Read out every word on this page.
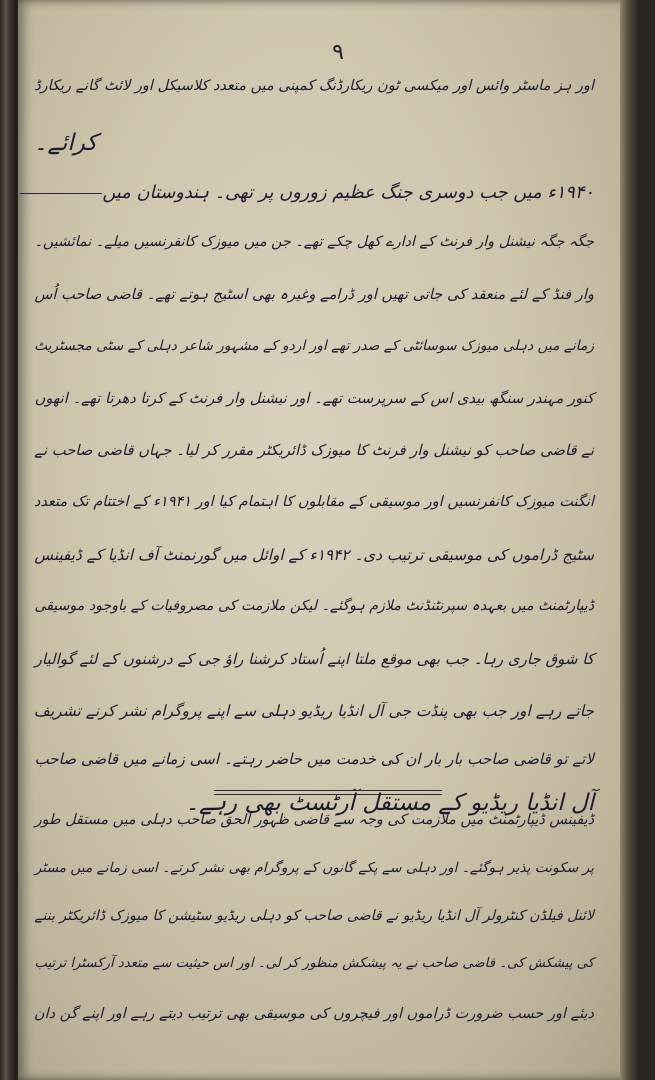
۹
اور ہز ماسٹر وائس اور میکسی ٹون ریکارڈنگ کمپنی میں متعدد کلاسیکل اور لائٹ گانے ریکارڈ
کرائے۔
۱۹۴۰ء میں جب دوسری جنگ عظیم زوروں پر تھی۔ ہندوستان میں
جگہ جگہ نیشنل وار فرنٹ کے ادارے کھل چکے تھے۔ جن میں میوزک کانفرنسیں میلے۔ نمائشیں۔
وار فنڈ کے لئے منعقد کی جاتی تھیں اور ڈرامے وغیرہ بھی اسٹیج ہوتے تھے۔ قاضی صاحب اُس
زمانے میں دہلی میوزک سوسائٹی کے صدر تھے اور اردو کے مشہور شاعر دہلی کے سٹی مجسٹریٹ
کنور مہندر سنگھ بیدی اس کے سرپرست تھے۔ اور نیشنل وار فرنٹ کے کرتا دھرتا تھے۔ انھوں
نے قاضی صاحب کو نیشنل وار فرنٹ کا میوزک ڈائریکٹر مقرر کر لیا۔ جہاں قاضی صاحب نے
انگنت میوزک کانفرنسیں اور موسیقی کے مقابلوں کا اہتمام کیا اور ۱۹۴۱ء کے اختتام تک متعدد
سٹیج ڈراموں کی موسیقی ترتیب دی۔ ۱۹۴۲ء کے اوائل میں گورنمنٹ آف انڈیا کے ڈیفینس
ڈیپارٹمنٹ میں بعہدہ سپرنٹنڈنٹ ملازم ہوگئے۔ لیکن ملازمت کی مصروفیات کے باوجود موسیقی
کا شوق جاری رہا۔ جب بھی موقع ملتا اپنے اُستاد کرشنا راؤ جی کے درشنوں کے لئے گوالیار
جاتے رہے اور جب بھی پنڈت جی آل انڈیا ریڈیو دہلی سے اپنے پروگرام نشر کرنے تشریف
لاتے تو قاضی صاحب بار بار ان کی خدمت میں حاضر رہتے۔ اسی زمانے میں قاضی صاحب
آل انڈیا ریڈیو کے مستقل آرٹسٹ بھی رہے۔
ڈیفینس ڈیپارٹمنٹ میں ملازمت کی وجہ سے قاضی ظہور الحق صاحب دہلی میں مستقل طور
پر سکونت پذیر ہوگئے۔ اور دہلی سے پکے گانوں کے پروگرام بھی نشر کرتے۔ اسی زمانے میں مسٹر
لائنل فیلڈن کنٹرولر آل انڈیا ریڈیو نے قاضی صاحب کو دہلی ریڈیو سٹیشن کا میوزک ڈائریکٹر بننے
کی پیشکش کی۔ قاضی صاحب نے یہ پیشکش منظور کر لی۔ اور اس حیثیت سے متعدد آرکسٹرا ترتیب
دیئے اور حسب ضرورت ڈراموں اور فیچروں کی موسیقی بھی ترتیب دیتے رہے اور اپنے گن دان
